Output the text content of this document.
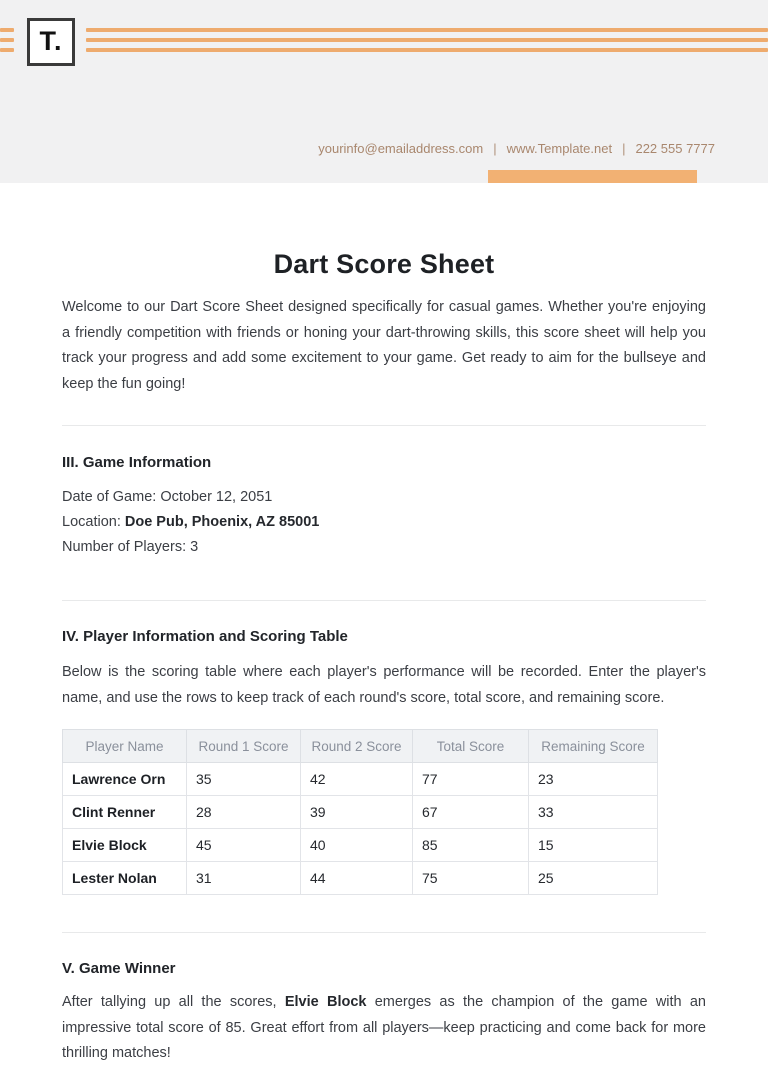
T.
yourinfo@emailaddress.com | www.Template.net | 222 555 7777
Dart Score Sheet

Welcome to our Dart Score Sheet designed specifically for casual games. Whether you're enjoying a friendly competition with friends or honing your dart-throwing skills, this score sheet will help you track your progress and add some excitement to your game. Get ready to aim for the bullseye and keep the fun going!

III. Game Information
Date of Game: October 12, 2051
Location: Doe Pub, Phoenix, AZ 85001
Number of Players: 3
IV. Player Information and Scoring Table

Below is the scoring table where each player's performance will be recorded. Enter the player's name, and use the rows to keep track of each round's score, total score, and remaining score.

Player Name	Round 1 Score	Round 2 Score	Total Score	Remaining Score
Lawrence Orn	35	42	77	23
Clint Renner	28	39	67	33
Elvie Block	45	40	85	15
Lester Nolan	31	44	75	25
V. Game Winner

After tallying up all the scores, Elvie Block emerges as the champion of the game with an impressive total score of 85. Great effort from all players—keep practicing and come back for more thrilling matches!
